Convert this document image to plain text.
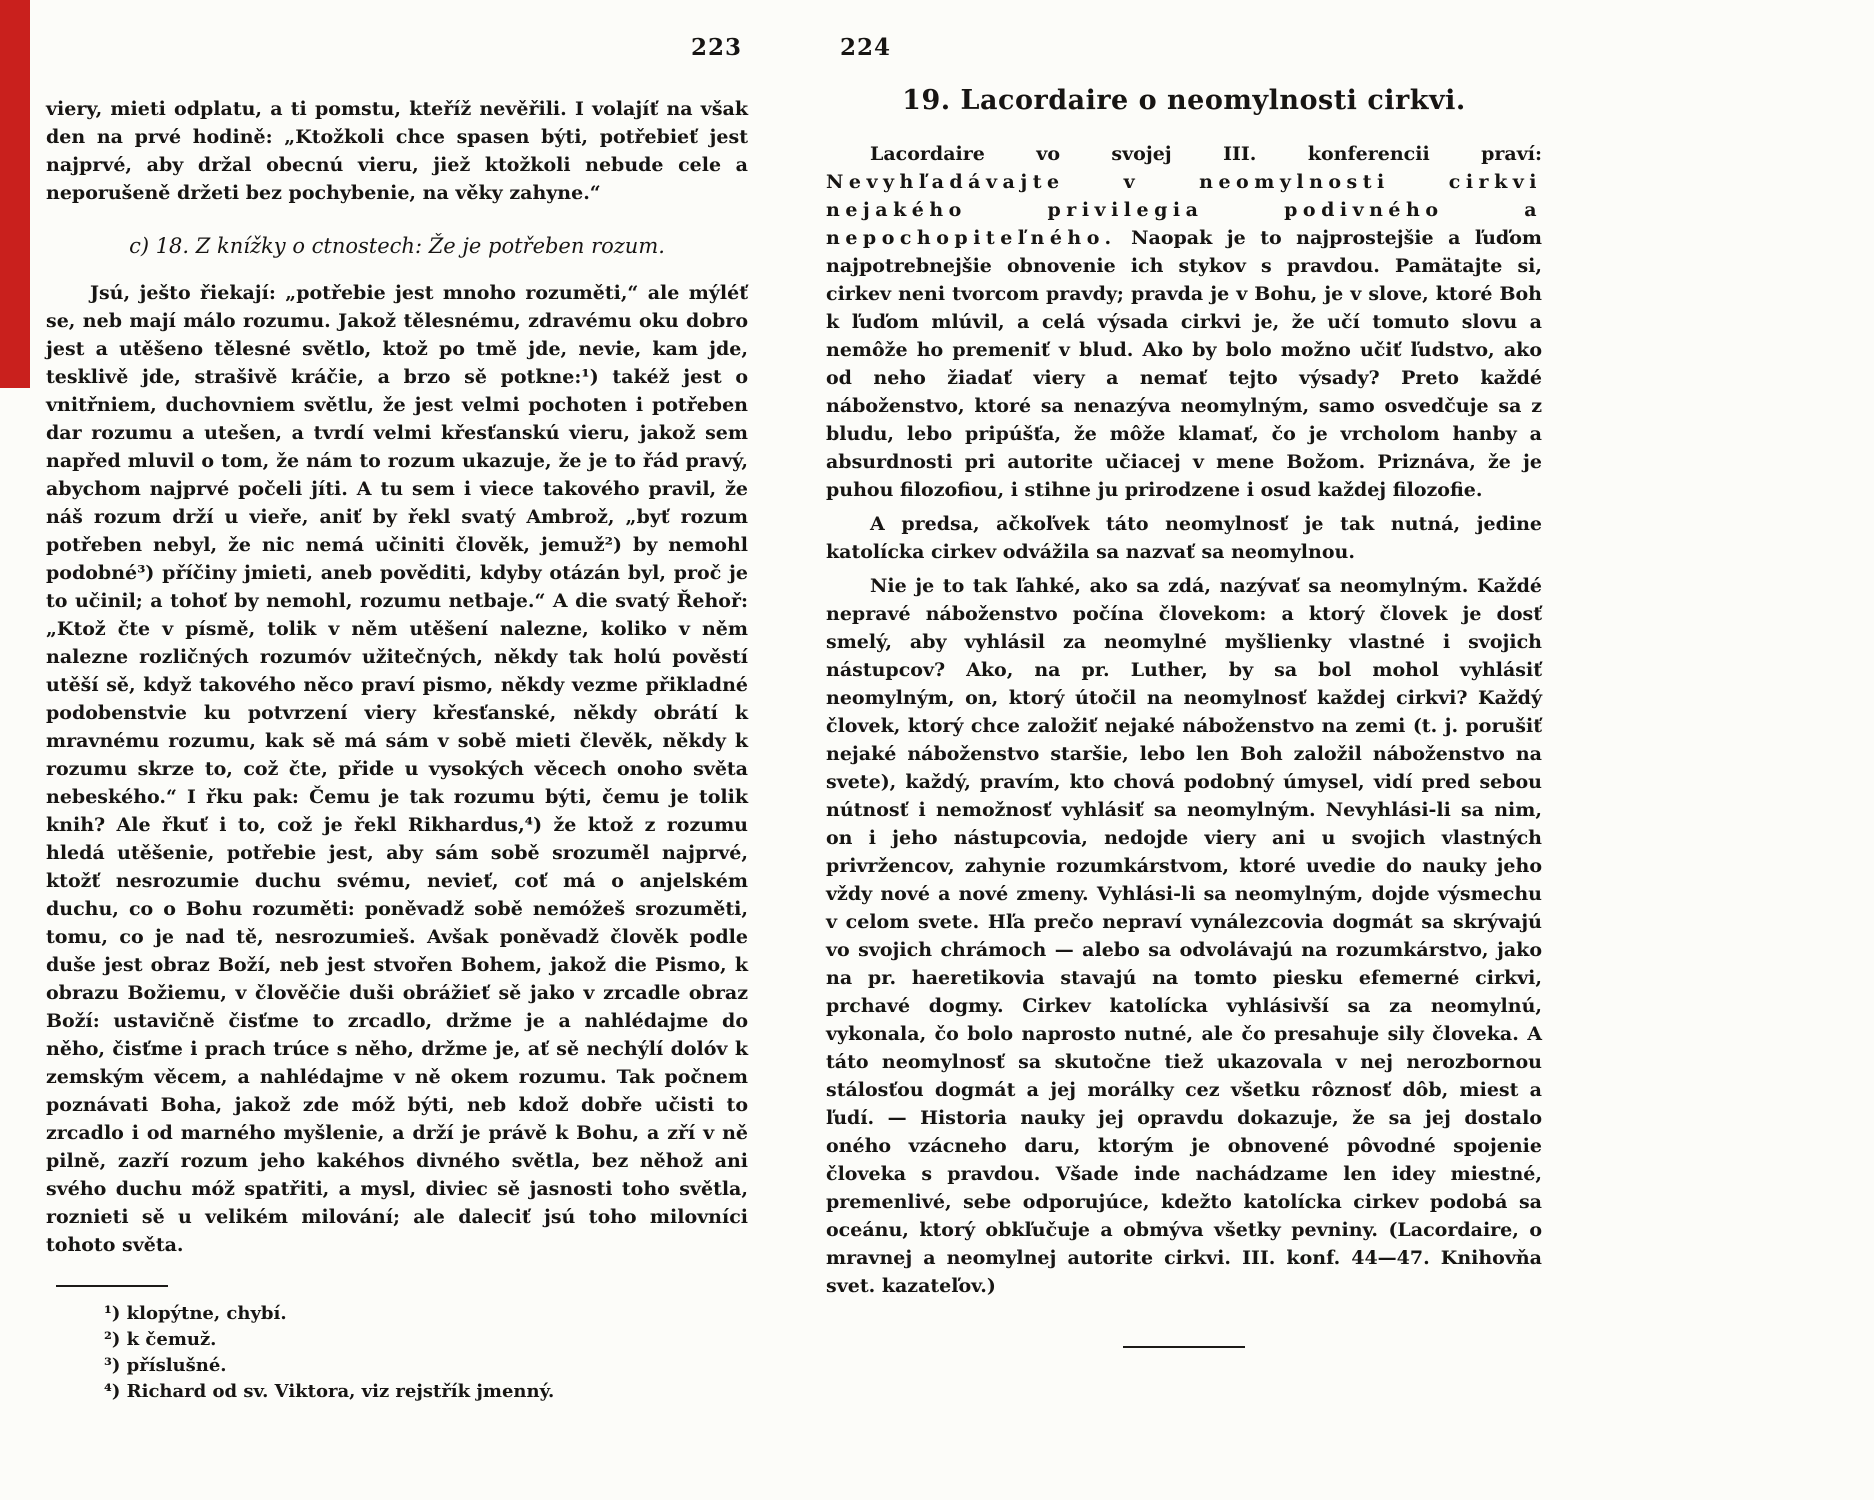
223

viery, mieti odplatu, a ti pomstu, kteříž nevěřili. I volajíť na však den na prvé hodině: „Ktožkoli chce spasen býti, potřebieť jest najprvé, aby držal obecnú vieru, jiež ktožkoli nebude cele a neporušeně držeti bez pochybenie, na věky zahyne.“

c) 18. Z knížky o ctnostech: Že je potřeben rozum.

Jsú, ješto řiekají: „potřebie jest mnoho rozuměti,“ ale mýléť se, neb mají málo rozumu. Jakož tělesnému, zdravému oku dobro jest a utěšeno tělesné světlo, ktož po tmě jde, nevie, kam jde, tesklivě jde, strašivě kráčie, a brzo sě potkne:¹) takéž jest o vnitřniem, duchovniem světlu, že jest velmi pochoten i potřeben dar rozumu a utešen, a tvrdí velmi křesťanskú vieru, jakož sem napřed mluvil o tom, že nám to rozum ukazuje, že je to řád pravý, abychom najprvé počeli jíti. A tu sem i viece takového pravil, že náš rozum drží u vieře, aniť by řekl svatý Ambrož, „byť rozum potřeben nebyl, že nic nemá učiniti člověk, jemuž²) by nemohl podobné³) příčiny jmieti, aneb pověditi, kdyby otázán byl, proč je to učinil; a tohoť by nemohl, rozumu netbaje.“ A die svatý Řehoř: „Ktož čte v písmě, tolik v něm utěšení nalezne, koliko v něm nalezne rozličných rozumóv užitečných, někdy tak holú pověstí utěší sě, když takového něco praví pismo, někdy vezme přikladné podobenstvie ku potvrzení viery křesťanské, někdy obrátí k mravnému rozumu, kak sě má sám v sobě mieti člevěk, někdy k rozumu skrze to, což čte, přide u vysokých věcech onoho světa nebeského.“ I řku pak: Čemu je tak rozumu býti, čemu je tolik knih? Ale řkuť i to, což je řekl Rikhardus,⁴) že ktož z rozumu hledá utěšenie, potřebie jest, aby sám sobě srozuměl najprvé, ktožť nesrozumie duchu svému, nevieť, coť má o anjelském duchu, co o Bohu rozuměti: poněvadž sobě nemóžeš srozuměti, tomu, co je nad tě, nesrozumieš. Avšak poněvadž člověk podle duše jest obraz Boží, neb jest stvořen Bohem, jakož die Pismo, k obrazu Božiemu, v člověčie duši obrážieť sě jako v zrcadle obraz Boží: ustavičně čisťme to zrcadlo, držme je a nahlédajme do něho, čisťme i prach trúce s něho, držme je, ať sě nechýlí dolóv k zemským věcem, a nahlédajme v ně okem rozumu. Tak počnem poznávati Boha, jakož zde móž býti, neb kdož dobře učisti to zrcadlo i od marného myšlenie, a drží je právě k Bohu, a zří v ně pilně, zazří rozum jeho kakéhos divného světla, bez něhož ani svého duchu móž spatřiti, a mysl, diviec sě jasnosti toho světla, roznieti sě u velikém milování; ale daleciť jsú toho milovníci tohoto světa.

¹) klopýtne, chybí.
²) k čemuž.
³) příslušné.
⁴) Richard od sv. Viktora, viz rejstřík jmenný.
224
19. Lacordaire o neomylnosti cirkvi.

Lacordaire vo svojej III. konferencii praví: Nevyhľadávajte v neomylnosti cirkvi nejakého privilegia podivného a nepochopiteľného. Naopak je to najprostejšie a ľuďom najpotrebnejšie obnovenie ich stykov s pravdou. Pamätajte si, cirkev neni tvorcom pravdy; pravda je v Bohu, je v slove, ktoré Boh k ľuďom mlúvil, a celá výsada cirkvi je, že učí tomuto slovu a nemôže ho premeniť v blud. Ako by bolo možno učiť ľudstvo, ako od neho žiadať viery a nemať tejto výsady? Preto každé náboženstvo, ktoré sa nenazýva neomylným, samo osvedčuje sa z bludu, lebo pripúšťa, že môže klamať, čo je vrcholom hanby a absurdnosti pri autorite učiacej v mene Božom. Priznáva, že je puhou filozofiou, i stihne ju prirodzene i osud každej filozofie.

A predsa, ačkoľvek táto neomylnosť je tak nutná, jedine katolícka cirkev odvážila sa nazvať sa neomylnou.

Nie je to tak ľahké, ako sa zdá, nazývať sa neomylným. Každé nepravé náboženstvo počína človekom: a ktorý človek je dosť smelý, aby vyhlásil za neomylné myšlienky vlastné i svojich nástupcov? Ako, na pr. Luther, by sa bol mohol vyhlásiť neomylným, on, ktorý útočil na neomylnosť každej cirkvi? Každý človek, ktorý chce založiť nejaké náboženstvo na zemi (t. j. porušiť nejaké náboženstvo staršie, lebo len Boh založil náboženstvo na svete), každý, pravím, kto chová podobný úmysel, vidí pred sebou nútnosť i nemožnosť vyhlásiť sa neomylným. Nevyhlási-li sa nim, on i jeho nástupcovia, nedojde viery ani u svojich vlastných privržencov, zahynie rozumkárstvom, ktoré uvedie do nauky jeho vždy nové a nové zmeny. Vyhlási-li sa neomylným, dojde výsmechu v celom svete. Hľa prečo nepraví vynálezcovia dogmát sa skrývajú vo svojich chrámoch — alebo sa odvolávajú na rozumkárstvo, jako na pr. haeretikovia stavajú na tomto piesku efemerné cirkvi, prchavé dogmy. Cirkev katolícka vyhlásivší sa za neomylnú, vykonala, čo bolo naprosto nutné, ale čo presahuje sily človeka. A táto neomylnosť sa skutočne tiež ukazovala v nej nerozbornou stálosťou dogmát a jej morálky cez všetku rôznosť dôb, miest a ľudí. — Historia nauky jej opravdu dokazuje, že sa jej dostalo oného vzácneho daru, ktorým je obnovené pôvodné spojenie človeka s pravdou. Všade inde nachádzame len idey miestné, premenlivé, sebe odporujúce, kdežto katolícka cirkev podobá sa oceánu, ktorý obkľučuje a obmýva všetky pevniny. (Lacordaire, o mravnej a neomylnej autorite cirkvi. III. konf. 44—47. Knihovňa svet. kazateľov.)
